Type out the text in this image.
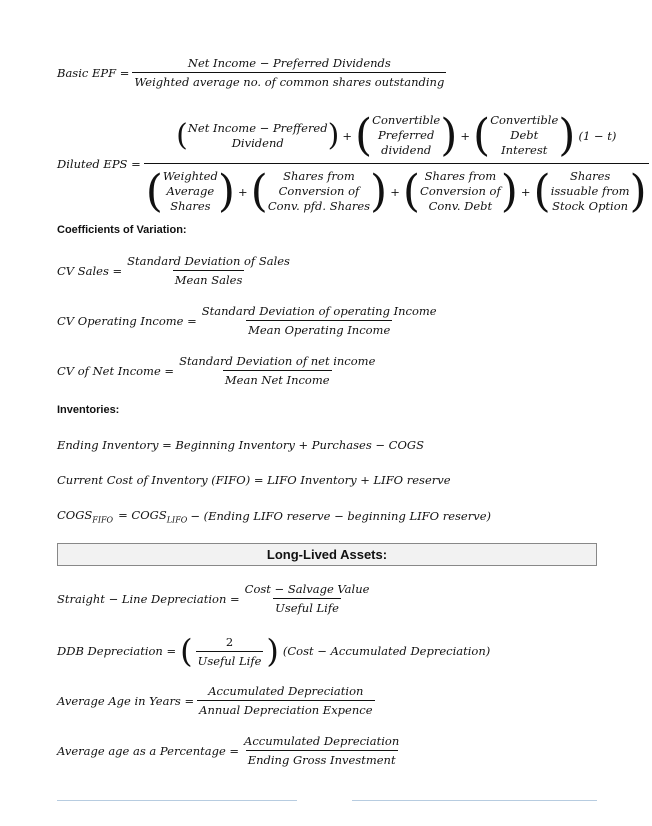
Basic EPF = $\frac{\text{Net Income − Preferred Dividends}}{\text{Weighted average no. of common shares outstanding}}$
Diluted EPS =
( Net Income − Preffered
Dividend ) + ( Convertible
Preferred
dividend ) + ( Convertible
Debt
Interest ) (1 − t)
( Weighted
Average
Shares ) + ( Shares from
Conversion of
Conv. pfd. Shares ) + ( Shares from
Conversion of
Conv. Debt ) + ( Shares
issuable from
Stock Option )
Coefficients of Variation:
CV Sales = $\frac{\text{Standard Deviation of Sales}}{\text{Mean Sales}}$
CV Operating Income = $\frac{\text{Standard Deviation of operating Income}}{\text{Mean Operating Income}}$
CV of Net Income = $\frac{\text{Standard Deviation of net income}}{\text{Mean Net Income}}$
Inventories:
Ending Inventory = Beginning Inventory + Purchases − COGS
Current Cost of Inventory (FIFO) = LIFO Inventory + LIFO reserve
$COGS_{FIFO}$ = $COGS_{LIFO}$ − (Ending LIFO reserve − beginning LIFO reserve)
Long-Lived Assets:
Straight − Line Depreciation = $\frac{\text{Cost − Salvage Value}}{\text{Useful Life}}$
DDB Depreciation = ( $\frac{2}{\text{Useful Life}}$ ) (Cost − Accumulated Depreciation)
Average Age in Years = $\frac{\text{Accumulated Depreciation}}{\text{Annual Depreciation Expence}}$
Average age as a Percentage = $\frac{\text{Accumulated Depreciation}}{\text{Ending Gross Investment}}$
